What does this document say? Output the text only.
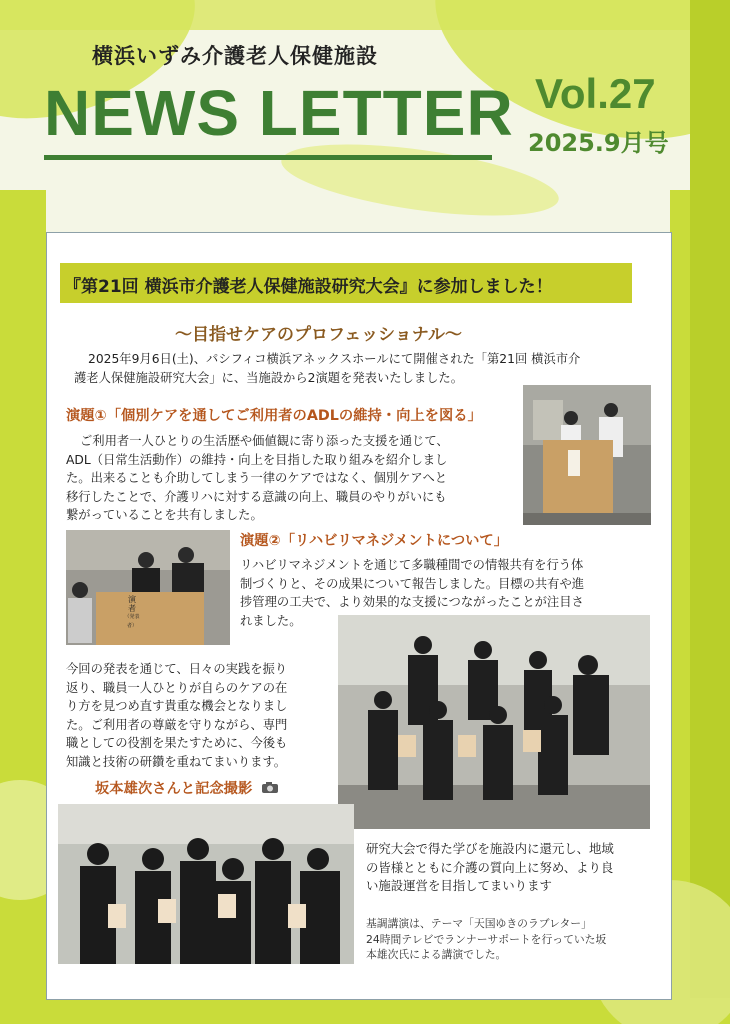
横浜いずみ介護老人保健施設
NEWS LETTER Vol.27
2025.9月号
『第21回 横浜市介護老人保健施設研究大会』に参加しました！
～目指せケアのプロフェッショナル～
2025年9月6日(土)、パシフィコ横浜アネックスホールにて開催された「第21回 横浜市介
護老人保健施設研究大会」に、当施設から2演題を発表いたしました。
演題①「個別ケアを通してご利用者のADLの維持・向上を図る」
ご利用者一人ひとりの生活歴や価値観に寄り添った支援を通じて、
ADL（日常生活動作）の維持・向上を目指した取り組みを紹介しまし
た。出来ることも介助してしまう一律のケアではなく、個別ケアへと
移行したことで、介護リハに対する意識の向上、職員のやりがいにも
繋がっていることを共有しました。
演
者
（発表者）
演題②「リハビリマネジメントについて」
リハビリマネジメントを通じて多職種間での情報共有を行う体
制づくりと、その成果について報告しました。目標の共有や進
捗管理の工夫で、より効果的な支援につながったことが注目さ
れました。
今回の発表を通じて、日々の実践を振り
返り、職員一人ひとりが自らのケアの在
り方を見つめ直す貴重な機会となりまし
た。ご利用者の尊厳を守りながら、専門
職としての役割を果たすために、今後も
知識と技術の研鑽を重ねてまいります。
坂本雄次さんと記念撮影
研究大会で得た学びを施設内に還元し、地域
の皆様とともに介護の質向上に努め、より良
い施設運営を目指してまいります
基調講演は、テーマ「天国ゆきのラブレター」
24時間テレビでランナーサポートを行っていた坂
本雄次氏による講演でした。
